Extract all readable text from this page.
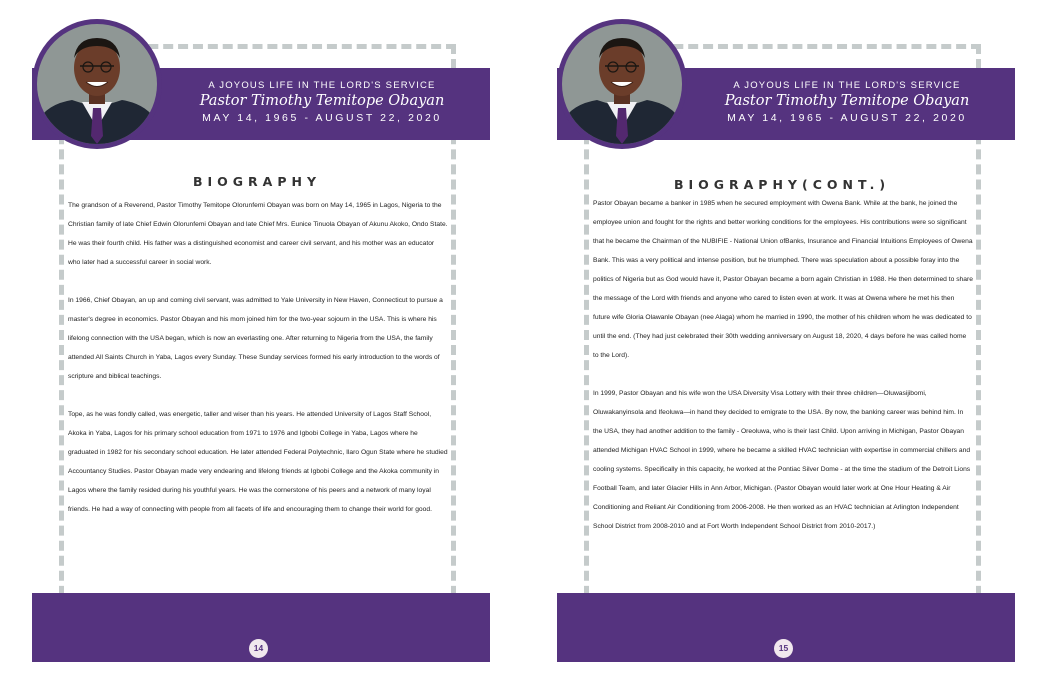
BIOGRAPHY

The grandson of a Reverend, Pastor Timothy Temitope Olorunfemi Obayan was born on May 14, 1965 in Lagos, Nigeria to the Christian family of late Chief Edwin Olorunfemi Obayan and late Chief Mrs. Eunice Tinuola Obayan of Akunu Akoko, Ondo State. He was their fourth child. His father was a distinguished economist and career civil servant, and his mother was an educator who later had a successful career in social work.

In 1966, Chief Obayan, an up and coming civil servant, was admitted to Yale University in New Haven, Connecticut to pursue a master's degree in economics. Pastor Obayan and his mom joined him for the two-year sojourn in the USA. This is where his lifelong connection with the USA began, which is now an everlasting one. After returning to Nigeria from the USA, the family attended All Saints Church in Yaba, Lagos every Sunday. These Sunday services formed his early introduction to the words of scripture and biblical teachings.

Tope, as he was fondly called, was energetic, taller and wiser than his years. He attended University of Lagos Staff School, Akoka in Yaba, Lagos for his primary school education from 1971 to 1976 and Igbobi College in Yaba, Lagos where he graduated in 1982 for his secondary school education. He later attended Federal Polytechnic, Ilaro Ogun State where he studied Accountancy Studies. Pastor Obayan made very endearing and lifelong friends at Igbobi College and the Akoka community in Lagos where the family resided during his youthful years. He was the cornerstone of his peers and a network of many loyal friends. He had a way of connecting with people from all facets of life and encouraging them to change their world for good.

A JOYOUS LIFE IN THE LORD'S SERVICE
Pastor Timothy Temitope Obayan
MAY 14, 1965 - AUGUST 22, 2020
14
BIOGRAPHY(CONT.)

Pastor Obayan became a banker in 1985 when he secured employment with Owena Bank. While at the bank, he joined the employee union and fought for the rights and better working conditions for the employees. His contributions were so significant that he became the Chairman of the NUBIFIE - National Union ofBanks, Insurance and Financial Intuitions Employees of Owena Bank. This was a very political and intense position, but he triumphed. There was speculation about a possible foray into the politics of Nigeria but as God would have it, Pastor Obayan became a born again Christian in 1988. He then determined to share the message of the Lord with friends and anyone who cared to listen even at work. It was at Owena where he met his then future wife Gloria Olawanle Obayan (nee Alaga) whom he married in 1990, the mother of his children whom he was dedicated to until the end. (They had just celebrated their 30th wedding anniversary on August 18, 2020, 4 days before he was called home to the Lord).

In 1999, Pastor Obayan and his wife won the USA Diversity Visa Lottery with their three children—Oluwasijibomi, Oluwakanyinsola and Ifeoluwa—in hand they decided to emigrate to the USA. By now, the banking career was behind him. In the USA, they had another addition to the family - Oreoluwa, who is their last Child. Upon arriving in Michigan, Pastor Obayan attended Michigan HVAC School in 1999, where he became a skilled HVAC technician with expertise in commercial chillers and cooling systems. Specifically in this capacity, he worked at the Pontiac Silver Dome - at the time the stadium of the Detroit Lions Football Team, and later Glacier Hills in Ann Arbor, Michigan. (Pastor Obayan would later work at One Hour Heating & Air Conditioning and Reliant Air Conditioning from 2006-2008. He then worked as an HVAC technician at Arlington Independent School District from 2008-2010 and at Fort Worth Independent School District from 2010-2017.)

A JOYOUS LIFE IN THE LORD'S SERVICE
Pastor Timothy Temitope Obayan
MAY 14, 1965 - AUGUST 22, 2020
15
